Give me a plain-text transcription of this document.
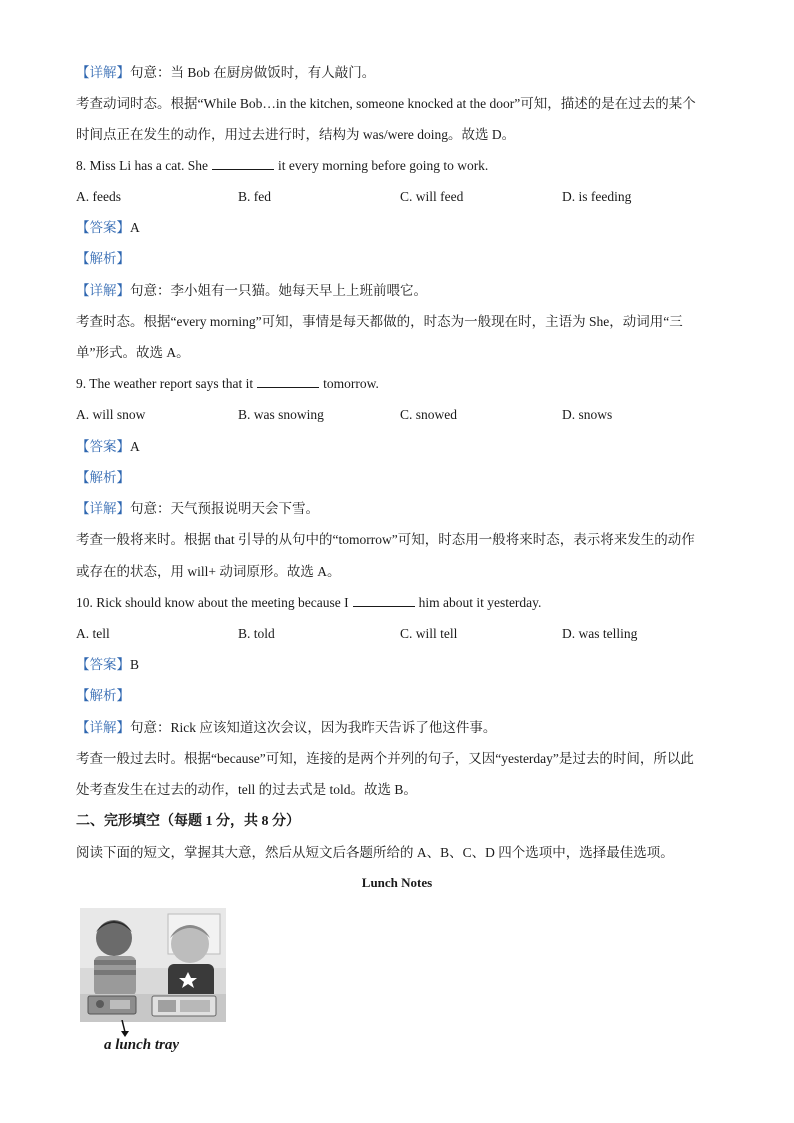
【详解】句意：当 Bob 在厨房做饭时，有人敲门。
考查动词时态。根据“While Bob…in the kitchen, someone knocked at the door”可知，描述的是在过去的某个
时间点正在发生的动作，用过去进行时，结构为 was/were doing。故选 D。
8. Miss Li has a cat. She	it every morning before going to work.
A. feeds	B. fed	C. will feed	D. is feeding
【答案】A
【解析】
【详解】句意：李小姐有一只猫。她每天早上上班前喂它。
考查时态。根据“every morning”可知，事情是每天都做的，时态为一般现在时，主语为 She，动词用“三
单”形式。故选 A。
9. The weather report says that it	tomorrow.
A. will snow	B. was snowing	C. snowed	D. snows
【答案】A
【解析】
【详解】句意：天气预报说明天会下雪。
考查一般将来时。根据 that 引导的从句中的“tomorrow”可知，时态用一般将来时态，表示将来发生的动作
或存在的状态，用 will+ 动词原形。故选 A。
10. Rick should know about the meeting because I	him about it yesterday.
A. tell	B. told	C. will tell	D. was telling
【答案】B
【解析】
【详解】句意：Rick 应该知道这次会议，因为我昨天告诉了他这件事。
考查一般过去时。根据“because”可知，连接的是两个并列的句子，又因“yesterday”是过去的时间，所以此
处考查发生在过去的动作，tell 的过去式是 told。故选 B。
二、完形填空（每题 1 分，共 8 分）
阅读下面的短文，掌握其大意，然后从短文后各题所给的 A、B、C、D 四个选项中，选择最佳选项。
Lunch Notes
a lunch tray
